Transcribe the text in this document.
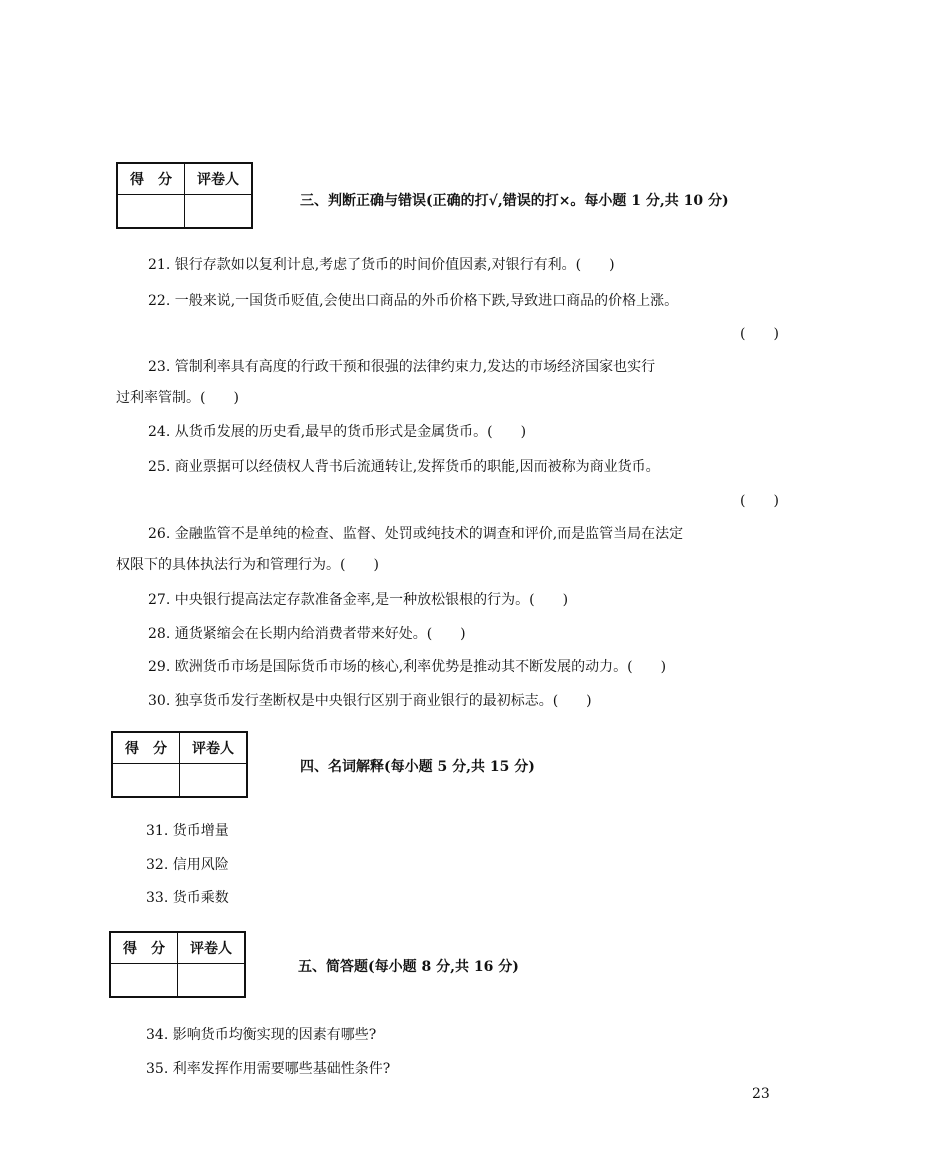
得　分	评卷人

三、判断正确与错误(正确的打√,错误的打×。每小题 1 分,共 10 分)
21. 银行存款如以复利计息,考虑了货币的时间价值因素,对银行有利。(　　)
22. 一般来说,一国货币贬值,会使出口商品的外币价格下跌,导致进口商品的价格上涨。
(　　)
23. 管制利率具有高度的行政干预和很强的法律约束力,发达的市场经济国家也实行
过利率管制。(　　)
24. 从货币发展的历史看,最早的货币形式是金属货币。(　　)
25. 商业票据可以经债权人背书后流通转让,发挥货币的职能,因而被称为商业货币。
(　　)
26. 金融监管不是单纯的检查、监督、处罚或纯技术的调查和评价,而是监管当局在法定
权限下的具体执法行为和管理行为。(　　)
27. 中央银行提高法定存款准备金率,是一种放松银根的行为。(　　)
28. 通货紧缩会在长期内给消费者带来好处。(　　)
29. 欧洲货币市场是国际货币市场的核心,利率优势是推动其不断发展的动力。(　　)
30. 独享货币发行垄断权是中央银行区别于商业银行的最初标志。(　　)
得　分	评卷人

四、名词解释(每小题 5 分,共 15 分)
31. 货币增量
32. 信用风险
33. 货币乘数
得　分	评卷人

五、简答题(每小题 8 分,共 16 分)
34. 影响货币均衡实现的因素有哪些?
35. 利率发挥作用需要哪些基础性条件?
23
